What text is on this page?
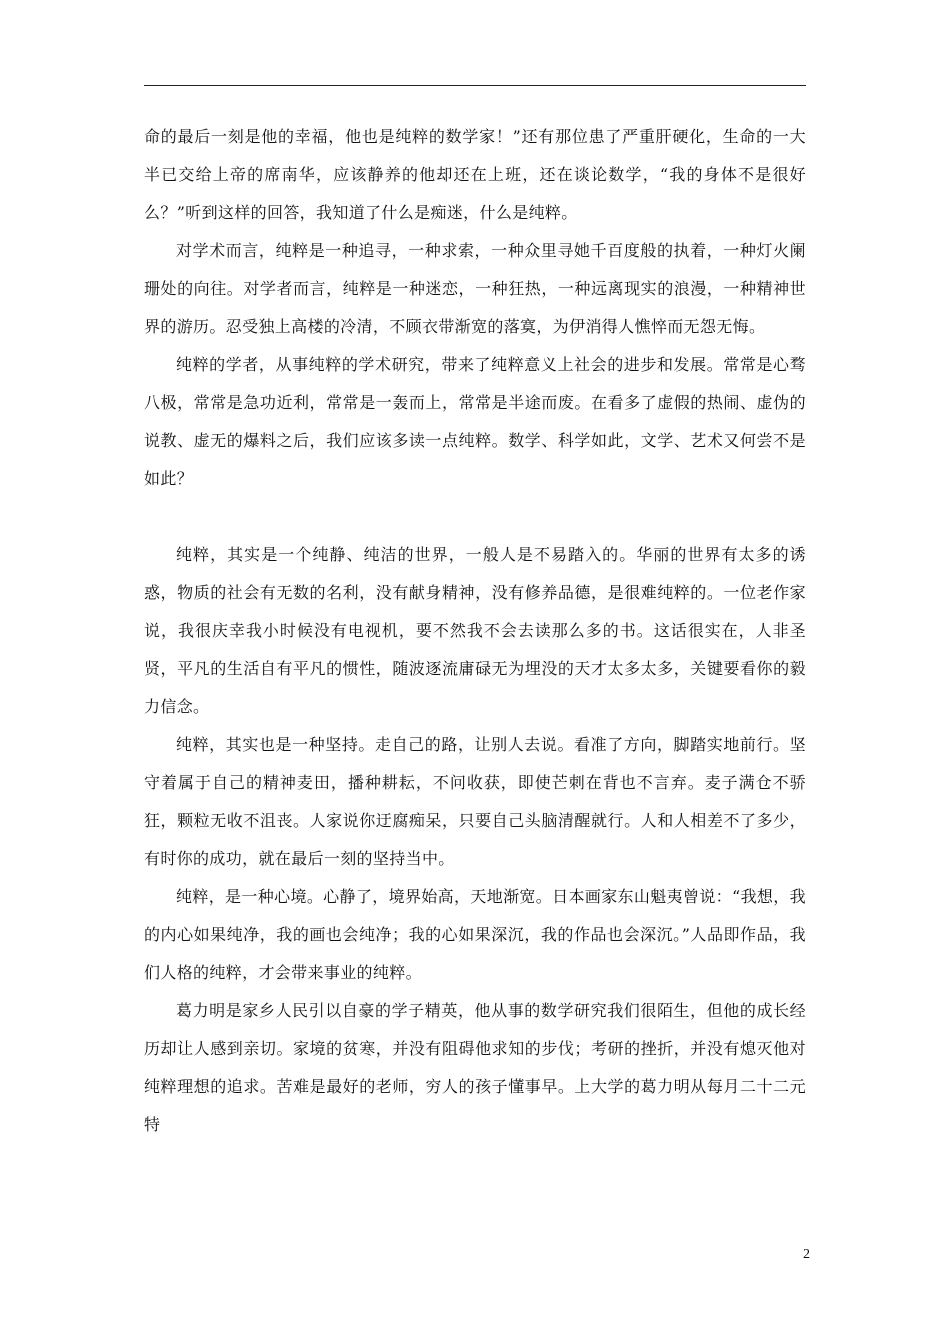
命的最后一刻是他的幸福，他也是纯粹的数学家！”还有那位患了严重肝硬化，生命的一大半已交给上帝的席南华，应该静养的他却还在上班，还在谈论数学，“我的身体不是很好么？”听到这样的回答，我知道了什么是痴迷，什么是纯粹。

对学术而言，纯粹是一种追寻，一种求索，一种众里寻她千百度般的执着，一种灯火阑珊处的向往。对学者而言，纯粹是一种迷恋，一种狂热，一种远离现实的浪漫，一种精神世界的游历。忍受独上高楼的冷清，不顾衣带渐宽的落寞，为伊消得人憔悴而无怨无悔。

纯粹的学者，从事纯粹的学术研究，带来了纯粹意义上社会的进步和发展。常常是心骛八极，常常是急功近利，常常是一轰而上，常常是半途而废。在看多了虚假的热闹、虚伪的说教、虚无的爆料之后，我们应该多读一点纯粹。数学、科学如此，文学、艺术又何尝不是如此？

纯粹，其实是一个纯静、纯洁的世界，一般人是不易踏入的。华丽的世界有太多的诱惑，物质的社会有无数的名利，没有献身精神，没有修养品德，是很难纯粹的。一位老作家说，我很庆幸我小时候没有电视机，要不然我不会去读那么多的书。这话很实在，人非圣贤，平凡的生活自有平凡的惯性，随波逐流庸碌无为埋没的天才太多太多，关键要看你的毅力信念。

纯粹，其实也是一种坚持。走自己的路，让别人去说。看准了方向，脚踏实地前行。坚守着属于自己的精神麦田，播种耕耘，不问收获，即使芒刺在背也不言弃。麦子满仓不骄狂，颗粒无收不沮丧。人家说你迂腐痴呆，只要自己头脑清醒就行。人和人相差不了多少，有时你的成功，就在最后一刻的坚持当中。

纯粹，是一种心境。心静了，境界始高，天地渐宽。日本画家东山魁夷曾说：“我想，我的内心如果纯净，我的画也会纯净；我的心如果深沉，我的作品也会深沉。”人品即作品，我们人格的纯粹，才会带来事业的纯粹。

葛力明是家乡人民引以自豪的学子精英，他从事的数学研究我们很陌生，但他的成长经历却让人感到亲切。家境的贫寒，并没有阻碍他求知的步伐；考研的挫折，并没有熄灭他对纯粹理想的追求。苦难是最好的老师，穷人的孩子懂事早。上大学的葛力明从每月二十二元特

2
